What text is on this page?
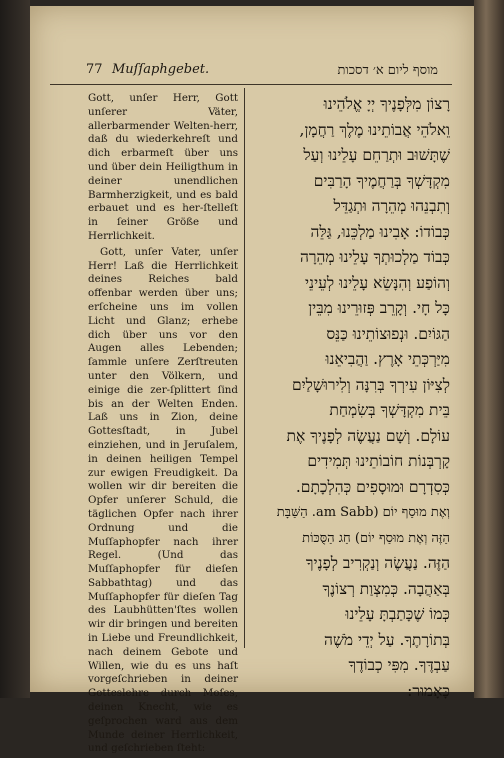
77 Muſſaphgebet.	מוסף ליום א׳ דסכות

Gott, unſer Herr, Gott unſerer Väter, allerbarmender Welten-herr, daß du wiederkehreſt und dich erbarmeſt über uns und über dein Heiligthum in deiner unendlichen Barmherzigkeit, und es bald erbauet und es her-ſtelleſt in ſeiner Größe und Herrlichkeit.

Gott, unſer Vater, unſer Herr! Laß die Herrlichkeit deines Reiches bald offenbar werden über uns; erſcheine uns im vollen Licht und Glanz; erhebe dich über uns vor den Augen alles Lebenden; ſammle unſere Zerſtreuten unter den Völkern, und einige die zer-ſplittert ſind bis an der Welten Enden. Laß uns in Zion, deine Gottesſtadt, in Jubel einziehen, und in Jeruſalem, in deinen heiligen Tempel zur ewigen Freudigkeit. Da wollen wir dir bereiten die Opfer unſerer Schuld, die täglichen Opfer nach ihrer Ordnung und die Muſſaphopfer nach ihrer Regel. (Und das Muſſaphopfer für dieſen Sabbathtag) und das Muſſaphopfer für dieſen Tag des Laubhütten'ſtes wollen wir dir bringen und bereiten in Liebe und Freundlichkeit, nach deinem Gebote und Willen, wie du es uns haſt vorgeſchrieben in deiner Gotteslehre durch Moſes, deinen Knecht, wie es geſprochen ward aus dem Munde deiner Herrlichkeit, und geſchrieben ſteht:

רָצוֹן מִלְּפָנֶיךָ יְיָ אֱלֹהֵינוּ
וֵאלֹהֵי אֲבוֹתֵינוּ מֶלֶךְ רַחֲמָן,
שֶׁתָּשׁוּב וּתְרַחֵם עָלֵינוּ וְעַל
מִקְדָּשְׁךָ בְּרַחֲמֶיךָ הָרַבִּים
וְתִבְנֵהוּ מְהֵרָה וּתְגַדֵּל
כְּבוֹדוֹ: אָבִינוּ מַלְכֵּנוּ, גַּלֵּה
כְּבוֹד מַלְכוּתְךָ עָלֵינוּ מְהֵרָה
וְהוֹפַע וְהִנָּשֵׂא עָלֵינוּ לְעֵינֵי
כָּל חָי. וְקָרֵב פְּזוּרֵינוּ מִבֵּין
הַגּוֹיִם. וּנְפוּצוֹתֵינוּ כַּנֵּס
מִיַּרְכְּתֵי אָרֶץ. וַהֲבִיאֵנוּ
לְצִיּוֹן עִירְךָ בְּרִנָּה וְלִירוּשָׁלַיִם
בֵּית מִקְדָּשְׁךָ בְּשִׂמְחַת
עוֹלָם. וְשָׁם נַעֲשֶׂה לְפָנֶיךָ אֶת
קָרְבְּנוֹת חוֹבוֹתֵינוּ תְּמִידִים
כְּסִדְרָם וּמוּסָפִים כְּהִלְכָתָם.
וְאֶת מוּסַף יוֹם (am Sabb. הַשַּׁבָּת
הַזֶּה וְאֶת מוּסַף יוֹם) חַג הַסֻּכּוֹת
הַזֶּה. נַעֲשֶׂה וְנַקְרִיב לְפָנֶיךָ
בְּאַהֲבָה. כְּמִצְוַת רְצוֹנֶךָ
כְּמוֹ שֶׁכָּתַבְתָּ עָלֵינוּ
בְּתוֹרָתֶךָ. עַל יְדֵי מֹשֶׁה
עַבְדֶּךָ. מִפִּי כְבוֹדֶךָ
כָּאָמוּר:
